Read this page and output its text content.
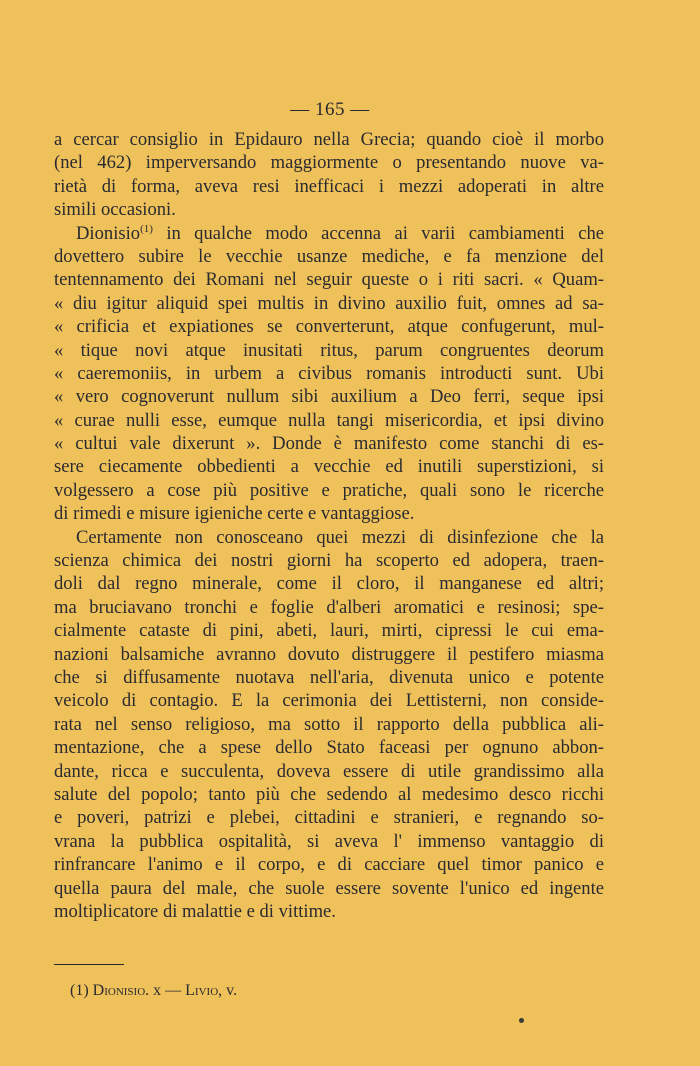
— 165 —
a cercar consiglio in Epidauro nella Grecia; quando cioè il morbo
(nel 462) imperversando maggiormente o presentando nuove va-
rietà di forma, aveva resi inefficaci i mezzi adoperati in altre
simili occasioni.
Dionisio$^{(1)}$ in qualche modo accenna ai varii cambiamenti che
dovettero subire le vecchie usanze mediche, e fa menzione del
tentennamento dei Romani nel seguir queste o i riti sacri. « Quam-
« diu igitur aliquid spei multis in divino auxilio fuit, omnes ad sa-
« crificia et expiationes se converterunt, atque confugerunt, mul-
« tique novi atque inusitati ritus, parum congruentes deorum
« caeremoniis, in urbem a civibus romanis introducti sunt. Ubi
« vero cognoverunt nullum sibi auxilium a Deo ferri, seque ipsi
« curae nulli esse, eumque nulla tangi misericordia, et ipsi divino
« cultui vale dixerunt ». Donde è manifesto come stanchi di es-
sere ciecamente obbedienti a vecchie ed inutili superstizioni, si
volgessero a cose più positive e pratiche, quali sono le ricerche
di rimedi e misure igieniche certe e vantaggiose.
Certamente non conosceano quei mezzi di disinfezione che la
scienza chimica dei nostri giorni ha scoperto ed adopera, traen-
doli dal regno minerale, come il cloro, il manganese ed altri;
ma bruciavano tronchi e foglie d'alberi aromatici e resinosi; spe-
cialmente cataste di pini, abeti, lauri, mirti, cipressi le cui ema-
nazioni balsamiche avranno dovuto distruggere il pestifero miasma
che si diffusamente nuotava nell'aria, divenuta unico e potente
veicolo di contagio. E la cerimonia dei Lettisterni, non conside-
rata nel senso religioso, ma sotto il rapporto della pubblica ali-
mentazione, che a spese dello Stato faceasi per ognuno abbon-
dante, ricca e succulenta, doveva essere di utile grandissimo alla
salute del popolo; tanto più che sedendo al medesimo desco ricchi
e poveri, patrizi e plebei, cittadini e stranieri, e regnando so-
vrana la pubblica ospitalità, si aveva l' immenso vantaggio di
rinfrancare l'animo e il corpo, e di cacciare quel timor panico e
quella paura del male, che suole essere sovente l'unico ed ingente
moltiplicatore di malattie e di vittime.
(1) Dionisio. x — Livio, v.
